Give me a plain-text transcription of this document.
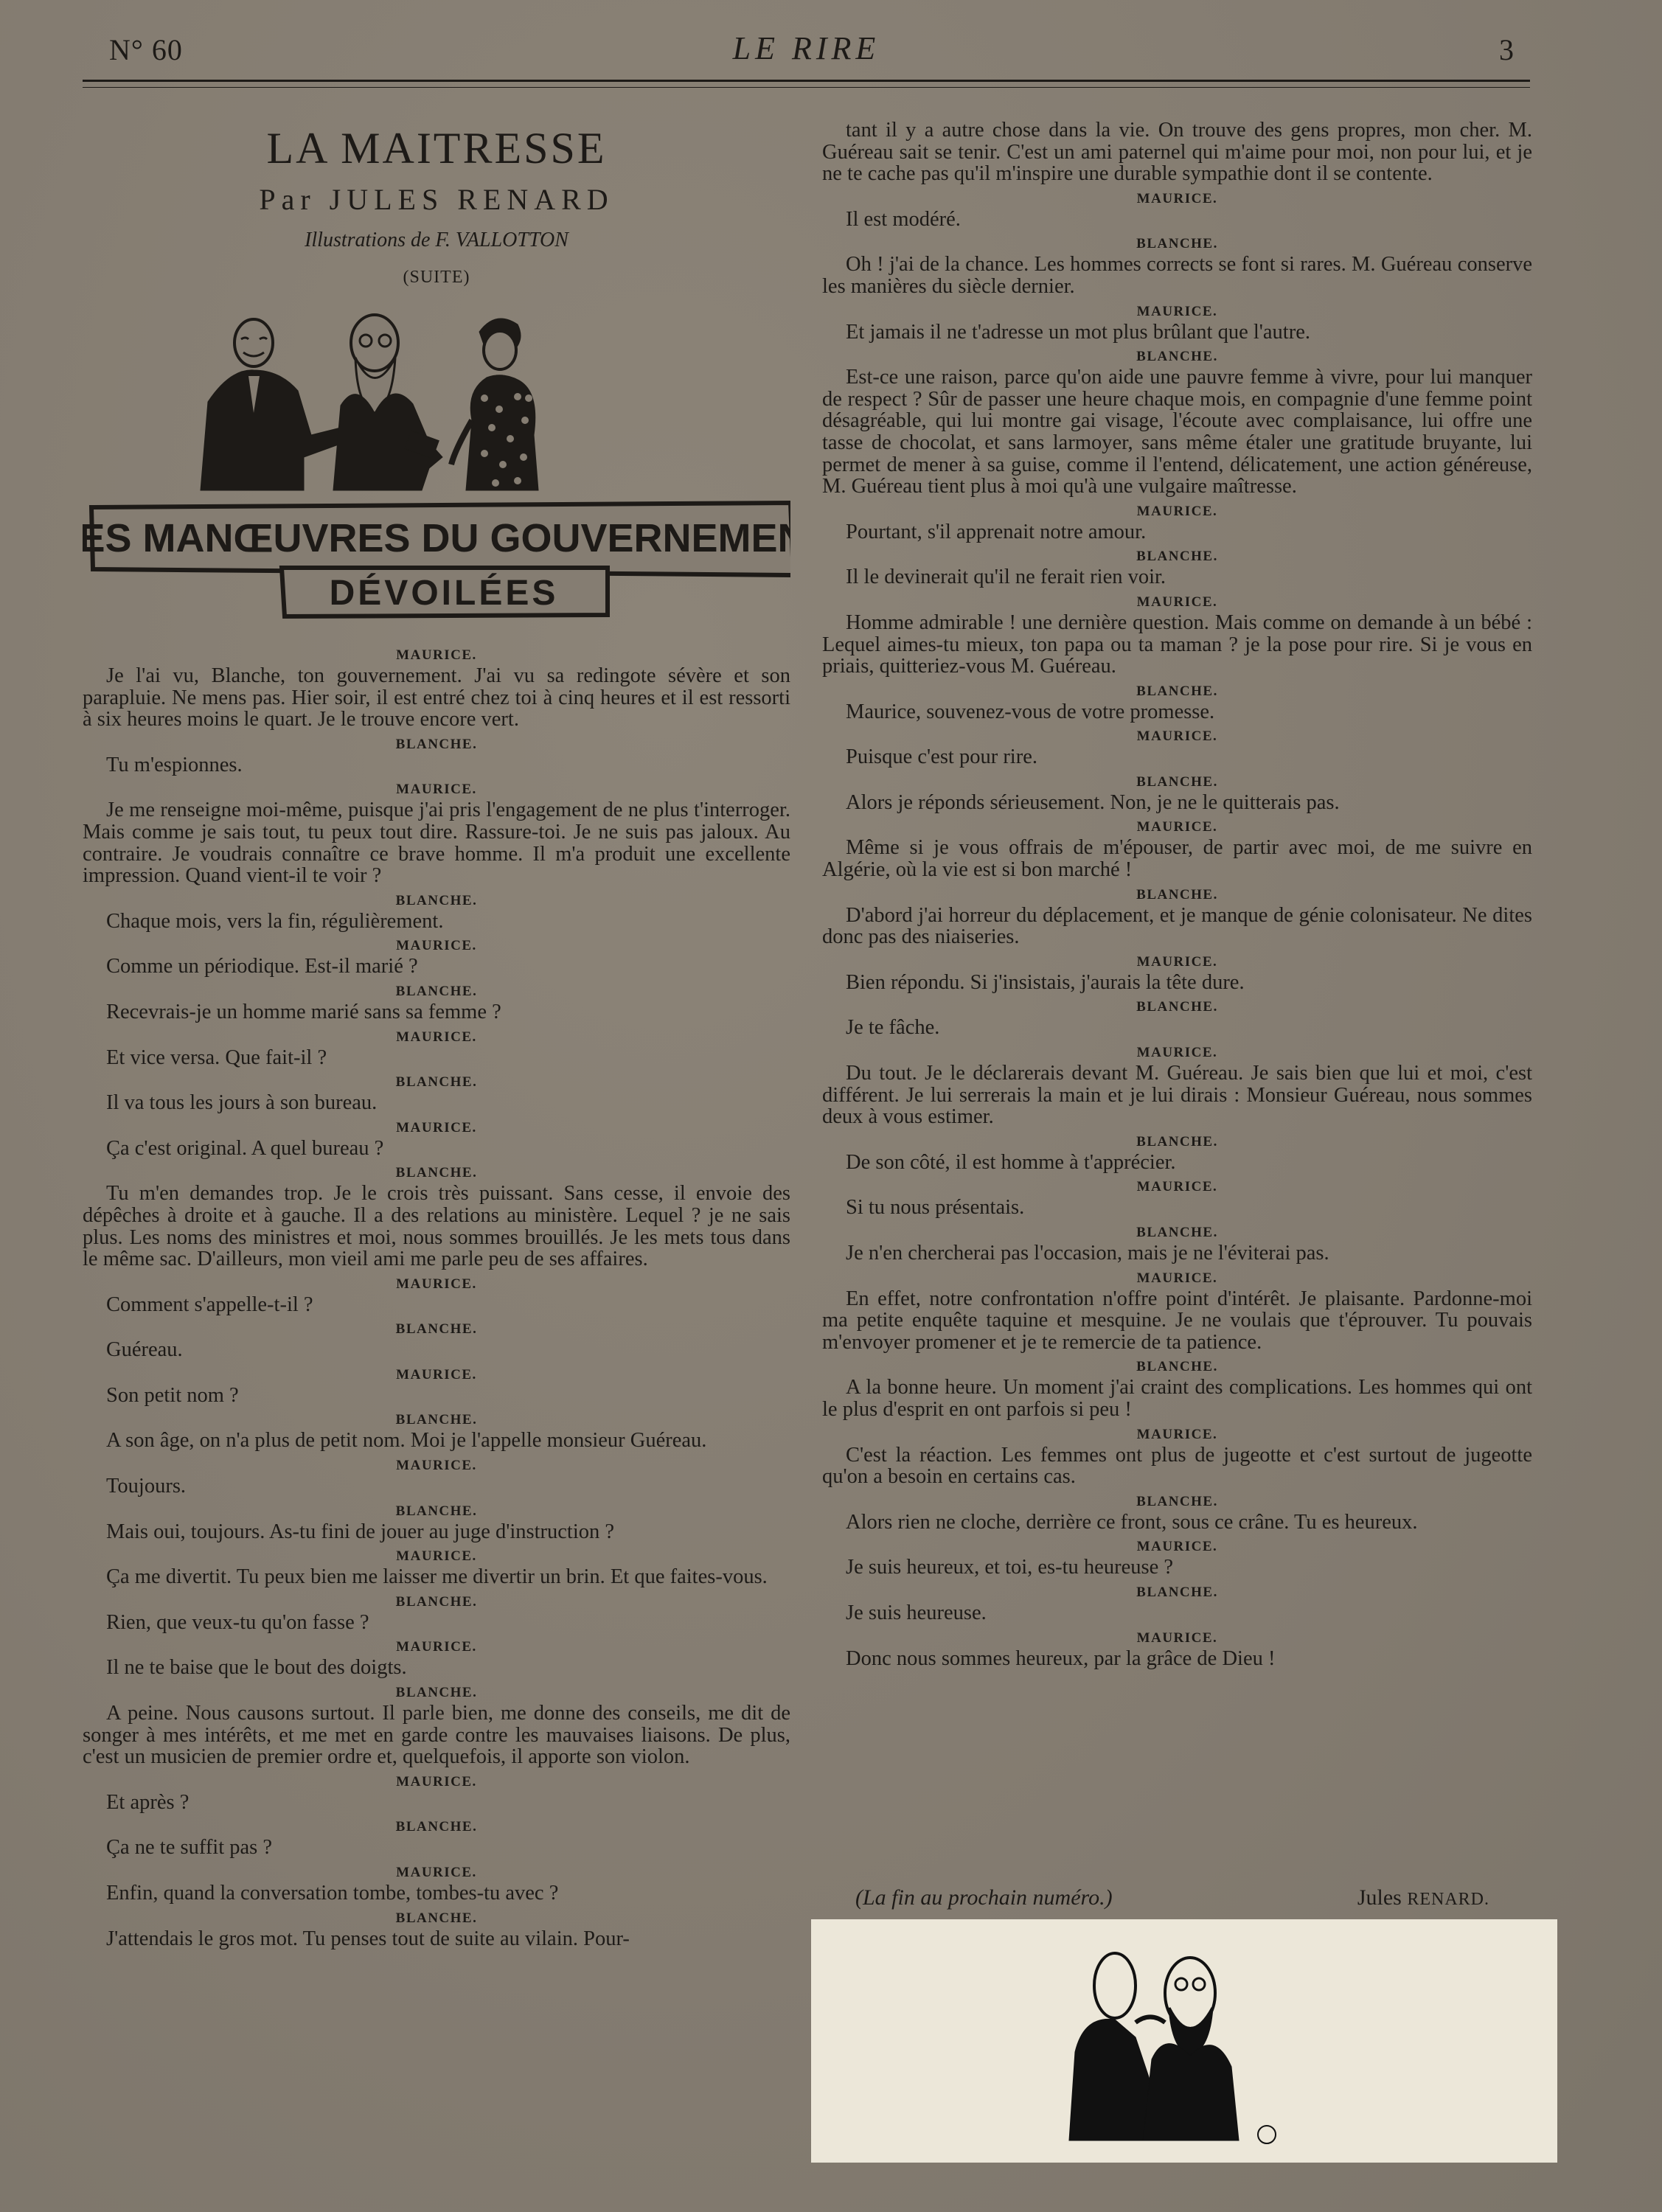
N° 60	LE RIRE	3
LA MAITRESSE
Par JULES RENARD
Illustrations de F. VALLOTTON
(SUITE)
LES MANŒUVRES DU GOUVERNEMENT
DÉVOILÉES
MAURICE.

Je l'ai vu, Blanche, ton gouvernement. J'ai vu sa redingote sévère et son parapluie. Ne mens pas. Hier soir, il est entré chez toi à cinq heures et il est ressorti à six heures moins le quart. Je le trouve encore vert.

BLANCHE.

Tu m'espionnes.

MAURICE.

Je me renseigne moi-même, puisque j'ai pris l'engagement de ne plus t'interroger. Mais comme je sais tout, tu peux tout dire. Rassure-toi. Je ne suis pas jaloux. Au contraire. Je voudrais connaître ce brave homme. Il m'a produit une excellente impression. Quand vient-il te voir ?

BLANCHE.

Chaque mois, vers la fin, régulièrement.

MAURICE.

Comme un périodique. Est-il marié ?

BLANCHE.

Recevrais-je un homme marié sans sa femme ?

MAURICE.

Et vice versa. Que fait-il ?

BLANCHE.

Il va tous les jours à son bureau.

MAURICE.

Ça c'est original. A quel bureau ?

BLANCHE.

Tu m'en demandes trop. Je le crois très puissant. Sans cesse, il envoie des dépêches à droite et à gauche. Il a des relations au ministère. Lequel ? je ne sais plus. Les noms des ministres et moi, nous sommes brouillés. Je les mets tous dans le même sac. D'ailleurs, mon vieil ami me parle peu de ses affaires.

MAURICE.

Comment s'appelle-t-il ?

BLANCHE.

Guéreau.

MAURICE.

Son petit nom ?

BLANCHE.

A son âge, on n'a plus de petit nom. Moi je l'appelle monsieur Guéreau.

MAURICE.

Toujours.

BLANCHE.

Mais oui, toujours. As-tu fini de jouer au juge d'instruction ?

MAURICE.

Ça me divertit. Tu peux bien me laisser me divertir un brin. Et que faites-vous.

BLANCHE.

Rien, que veux-tu qu'on fasse ?

MAURICE.

Il ne te baise que le bout des doigts.

BLANCHE.

A peine. Nous causons surtout. Il parle bien, me donne des conseils, me dit de songer à mes intérêts, et me met en garde contre les mauvaises liaisons. De plus, c'est un musicien de premier ordre et, quelquefois, il apporte son violon.

MAURICE.

Et après ?

BLANCHE.

Ça ne te suffit pas ?

MAURICE.

Enfin, quand la conversation tombe, tombes-tu avec ?

BLANCHE.

J'attendais le gros mot. Tu penses tout de suite au vilain. Pour-

tant il y a autre chose dans la vie. On trouve des gens propres, mon cher. M. Guéreau sait se tenir. C'est un ami paternel qui m'aime pour moi, non pour lui, et je ne te cache pas qu'il m'inspire une durable sympathie dont il se contente.

MAURICE.

Il est modéré.

BLANCHE.

Oh ! j'ai de la chance. Les hommes corrects se font si rares. M. Guéreau conserve les manières du siècle dernier.

MAURICE.

Et jamais il ne t'adresse un mot plus brûlant que l'autre.

BLANCHE.

Est-ce une raison, parce qu'on aide une pauvre femme à vivre, pour lui manquer de respect ? Sûr de passer une heure chaque mois, en compagnie d'une femme point désagréable, qui lui montre gai visage, l'écoute avec complaisance, lui offre une tasse de chocolat, et sans larmoyer, sans même étaler une gratitude bruyante, lui permet de mener à sa guise, comme il l'entend, délicatement, une action généreuse, M. Guéreau tient plus à moi qu'à une vulgaire maîtresse.

MAURICE.

Pourtant, s'il apprenait notre amour.

BLANCHE.

Il le devinerait qu'il ne ferait rien voir.

MAURICE.

Homme admirable ! une dernière question. Mais comme on demande à un bébé : Lequel aimes-tu mieux, ton papa ou ta maman ? je la pose pour rire. Si je vous en priais, quitteriez-vous M. Guéreau.

BLANCHE.

Maurice, souvenez-vous de votre promesse.

MAURICE.

Puisque c'est pour rire.

BLANCHE.

Alors je réponds sérieusement. Non, je ne le quitterais pas.

MAURICE.

Même si je vous offrais de m'épouser, de partir avec moi, de me suivre en Algérie, où la vie est si bon marché !

BLANCHE.

D'abord j'ai horreur du déplacement, et je manque de génie colonisateur. Ne dites donc pas des niaiseries.

MAURICE.

Bien répondu. Si j'insistais, j'aurais la tête dure.

BLANCHE.

Je te fâche.

MAURICE.

Du tout. Je le déclarerais devant M. Guéreau. Je sais bien que lui et moi, c'est différent. Je lui serrerais la main et je lui dirais : Monsieur Guéreau, nous sommes deux à vous estimer.

BLANCHE.

De son côté, il est homme à t'apprécier.

MAURICE.

Si tu nous présentais.

BLANCHE.

Je n'en chercherai pas l'occasion, mais je ne l'éviterai pas.

MAURICE.

En effet, notre confrontation n'offre point d'intérêt. Je plaisante. Pardonne-moi ma petite enquête taquine et mesquine. Je ne voulais que t'éprouver. Tu pouvais m'envoyer promener et je te remercie de ta patience.

BLANCHE.

A la bonne heure. Un moment j'ai craint des complications. Les hommes qui ont le plus d'esprit en ont parfois si peu !

MAURICE.

C'est la réaction. Les femmes ont plus de jugeotte et c'est surtout de jugeotte qu'on a besoin en certains cas.

BLANCHE.

Alors rien ne cloche, derrière ce front, sous ce crâne. Tu es heureux.

MAURICE.

Je suis heureux, et toi, es-tu heureuse ?

BLANCHE.

Je suis heureuse.

MAURICE.

Donc nous sommes heureux, par la grâce de Dieu !

(La fin au prochain numéro.)	Jules RENARD.
